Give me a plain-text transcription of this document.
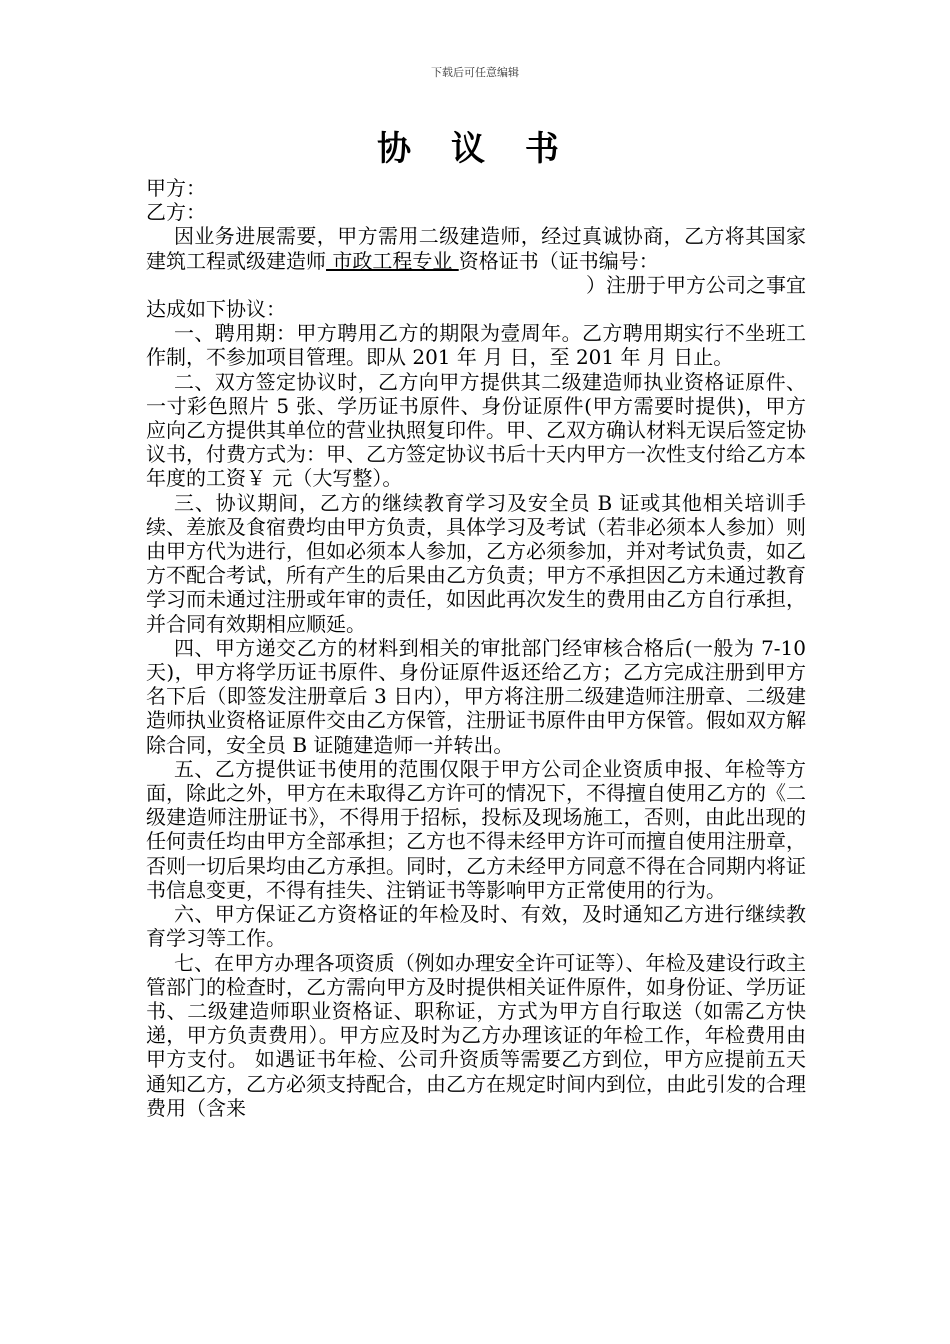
下载后可任意编辑
协 议 书

甲方：

乙方：

因业务进展需要，甲方需用二级建造师，经过真诚协商，乙方将其国家建筑工程贰级建造师 市政工程专业 资格证书（证书编号：

）注册于甲方公司之事宜

达成如下协议：

一、聘用期：甲方聘用乙方的期限为壹周年。乙方聘用期实行不坐班工作制，不参加项目管理。即从 201 年 月 日，至 201 年 月 日止。

二、双方签定协议时，乙方向甲方提供其二级建造师执业资格证原件、一寸彩色照片 5 张、学历证书原件、身份证原件(甲方需要时提供)，甲方应向乙方提供其单位的营业执照复印件。甲、乙双方确认材料无误后签定协议书，付费方式为：甲、乙方签定协议书后十天内甲方一次性支付给乙方本年度的工资￥ 元（大写整）。

三、协议期间，乙方的继续教育学习及安全员 B 证或其他相关培训手续、差旅及食宿费均由甲方负责，具体学习及考试（若非必须本人参加）则由甲方代为进行，但如必须本人参加，乙方必须参加，并对考试负责，如乙方不配合考试，所有产生的后果由乙方负责；甲方不承担因乙方未通过教育学习而未通过注册或年审的责任，如因此再次发生的费用由乙方自行承担，并合同有效期相应顺延。

四、甲方递交乙方的材料到相关的审批部门经审核合格后(一般为 7-10 天)，甲方将学历证书原件、身份证原件返还给乙方；乙方完成注册到甲方名下后（即签发注册章后 3 日内），甲方将注册二级建造师注册章、二级建造师执业资格证原件交由乙方保管，注册证书原件由甲方保管。假如双方解除合同，安全员 B 证随建造师一并转出。

五、乙方提供证书使用的范围仅限于甲方公司企业资质申报、年检等方面，除此之外，甲方在未取得乙方许可的情况下，不得擅自使用乙方的《二级建造师注册证书》，不得用于招标，投标及现场施工，否则，由此出现的任何责任均由甲方全部承担；乙方也不得未经甲方许可而擅自使用注册章，否则一切后果均由乙方承担。同时，乙方未经甲方同意不得在合同期内将证书信息变更，不得有挂失、注销证书等影响甲方正常使用的行为。

六、甲方保证乙方资格证的年检及时、有效，及时通知乙方进行继续教育学习等工作。

七、在甲方办理各项资质（例如办理安全许可证等）、年检及建设行政主管部门的检查时，乙方需向甲方及时提供相关证件原件，如身份证、学历证书、二级建造师职业资格证、职称证，方式为甲方自行取送（如需乙方快递，甲方负责费用）。甲方应及时为乙方办理该证的年检工作，年检费用由甲方支付。 如遇证书年检、公司升资质等需要乙方到位，甲方应提前五天通知乙方，乙方必须支持配合，由乙方在规定时间内到位，由此引发的合理费用（含来
